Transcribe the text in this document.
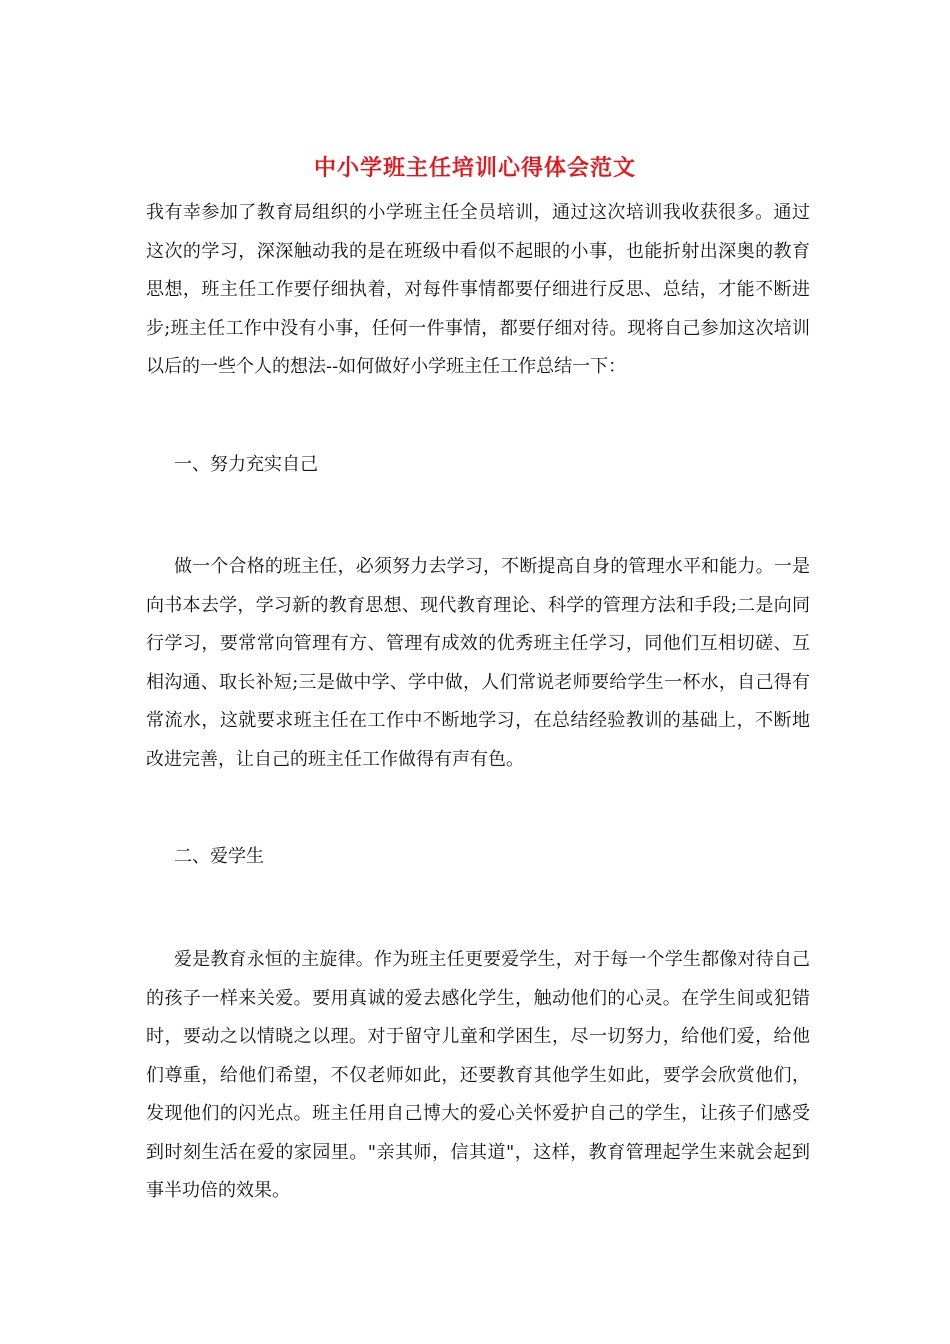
中小学班主任培训心得体会范文

我有幸参加了教育局组织的小学班主任全员培训，通过这次培训我收获很多。通过这次的学习，深深触动我的是在班级中看似不起眼的小事，也能折射出深奥的教育思想，班主任工作要仔细执着，对每件事情都要仔细进行反思、总结，才能不断进步;班主任工作中没有小事，任何一件事情，都要仔细对待。现将自己参加这次培训以后的一些个人的想法--如何做好小学班主任工作总结一下：

一、努力充实自己

做一个合格的班主任，必须努力去学习，不断提高自身的管理水平和能力。一是向书本去学，学习新的教育思想、现代教育理论、科学的管理方法和手段;二是向同行学习，要常常向管理有方、管理有成效的优秀班主任学习，同他们互相切磋、互相沟通、取长补短;三是做中学、学中做，人们常说老师要给学生一杯水，自己得有常流水，这就要求班主任在工作中不断地学习，在总结经验教训的基础上，不断地改进完善，让自己的班主任工作做得有声有色。

二、爱学生

爱是教育永恒的主旋律。作为班主任更要爱学生，对于每一个学生都像对待自己的孩子一样来关爱。要用真诚的爱去感化学生，触动他们的心灵。在学生间或犯错时，要动之以情晓之以理。对于留守儿童和学困生，尽一切努力，给他们爱，给他们尊重，给他们希望，不仅老师如此，还要教育其他学生如此，要学会欣赏他们，发现他们的闪光点。班主任用自己博大的爱心关怀爱护自己的学生，让孩子们感受到时刻生活在爱的家园里。"亲其师，信其道"，这样，教育管理起学生来就会起到事半功倍的效果。
